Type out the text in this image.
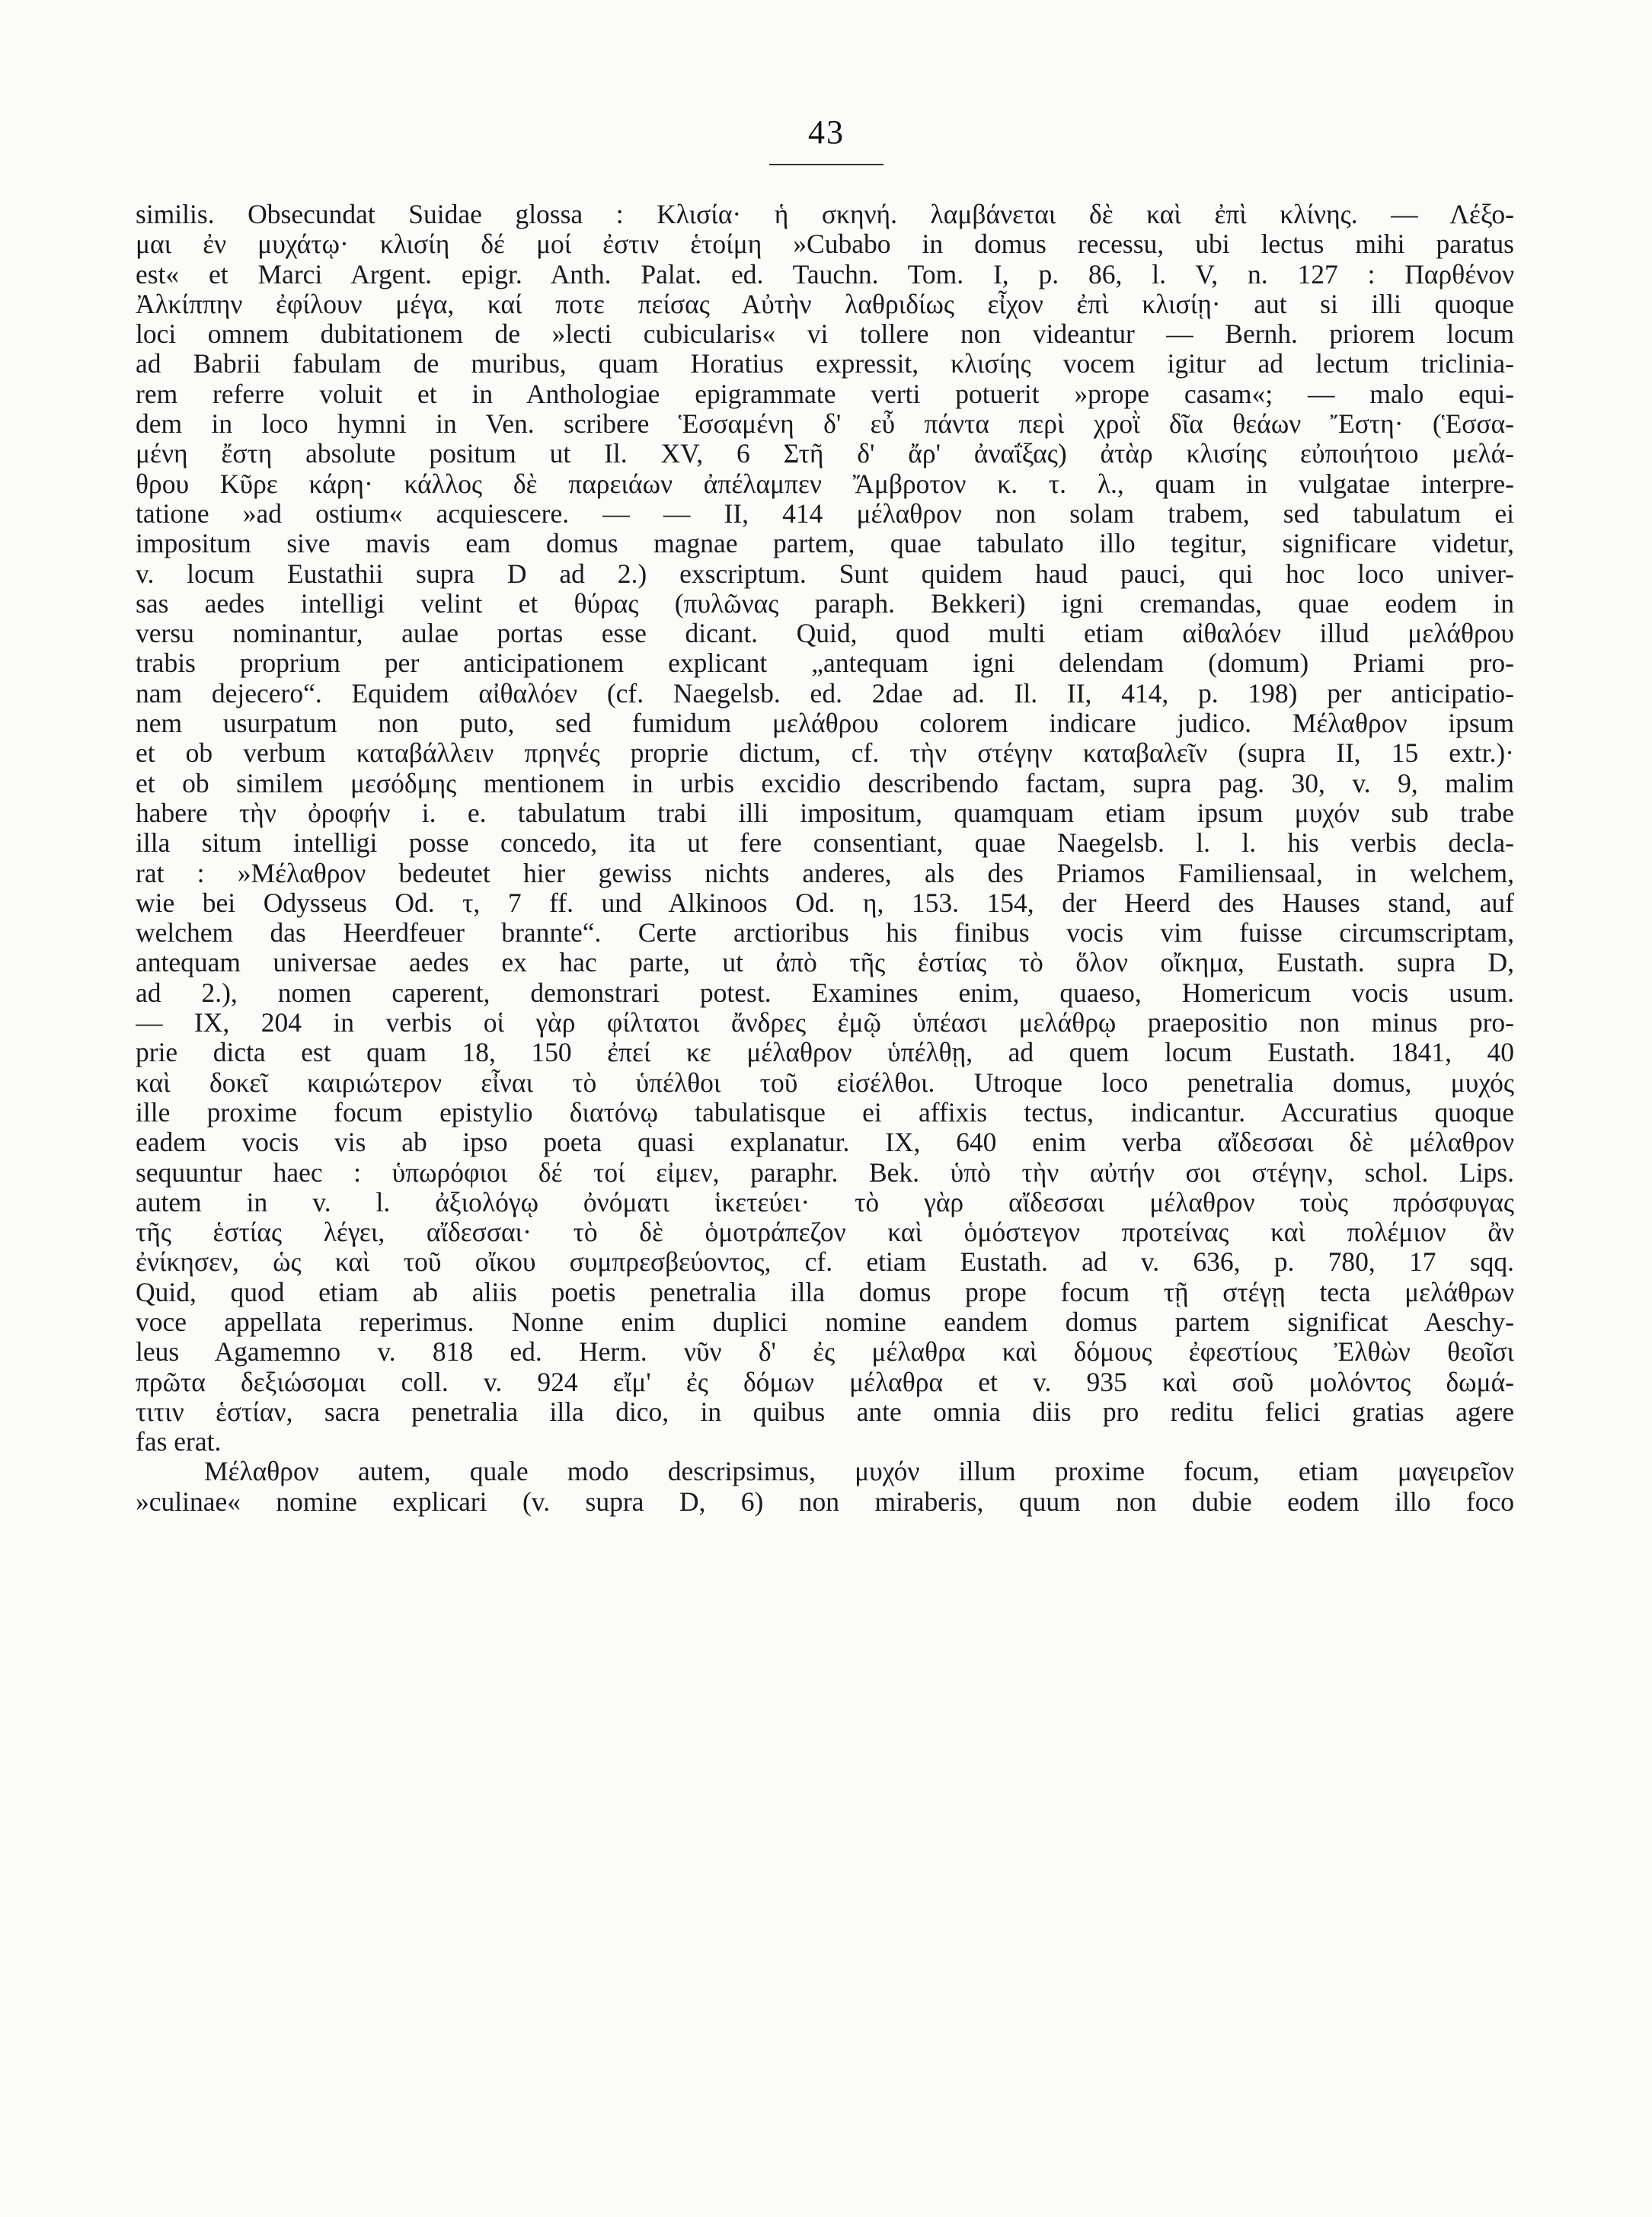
43
similis. Obsecundat Suidae glossa : Κλισία· ἡ σκηνή. λαμβάνεται δὲ καὶ ἐπὶ κλίνης. — Λέξο-
μαι ἐν μυχάτῳ· κλισίη δέ μοί ἐστιν ἑτοίμη »Cubabo in domus recessu, ubi lectus mihi paratus
est« et Marci Argent. epigr. Anth. Palat. ed. Tauchn. Tom. I, p. 86, l. V, n. 127 : Παρθένον
Ἀλκίππην ἐφίλουν μέγα, καί ποτε πείσας Αὐτὴν λαθριδίως εἶχον ἐπὶ κλισίῃ· aut si illi quoque
loci omnem dubitationem de »lecti cubicularis« vi tollere non videantur — Bernh. priorem locum
ad Babrii fabulam de muribus, quam Horatius expressit, κλισίης vocem igitur ad lectum triclinia-
rem referre voluit et in Anthologiae epigrammate verti potuerit »prope casam«; — malo equi-
dem in loco hymni in Ven. scribere Ἑσσαμένη δ' εὖ πάντα περὶ χροῒ δῖα θεάων Ἔστη· (Ἑσσα-
μένη ἔστη absolute positum ut Il. XV, 6 Στῆ δ' ἄρ' ἀναΐξας) ἀτὰρ κλισίης εὐποιήτοιο μελά-
θρου Κῦρε κάρη· κάλλος δὲ παρειάων ἀπέλαμπεν Ἄμβροτον κ. τ. λ., quam in vulgatae interpre-
tatione »ad ostium« acquiescere. — — II, 414 μέλαθρον non solam trabem, sed tabulatum ei
impositum sive mavis eam domus magnae partem, quae tabulato illo tegitur, significare videtur,
v. locum Eustathii supra D ad 2.) exscriptum. Sunt quidem haud pauci, qui hoc loco univer-
sas aedes intelligi velint et θύρας (πυλῶνας paraph. Bekkeri) igni cremandas, quae eodem in
versu nominantur, aulae portas esse dicant. Quid, quod multi etiam αἰθαλόεν illud μελάθρου
trabis proprium per anticipationem explicant „antequam igni delendam (domum) Priami pro-
nam dejecero“. Equidem αἰθαλόεν (cf. Naegelsb. ed. 2dae ad. Il. II, 414, p. 198) per anticipatio-
nem usurpatum non puto, sed fumidum μελάθρου colorem indicare judico. Μέλαθρον ipsum
et ob verbum καταβάλλειν πρηνές proprie dictum, cf. τὴν στέγην καταβαλεῖν (supra II, 15 extr.)·
et ob similem μεσόδμης mentionem in urbis excidio describendo factam, supra pag. 30, v. 9, malim
habere τὴν ὀροφήν i. e. tabulatum trabi illi impositum, quamquam etiam ipsum μυχόν sub trabe
illa situm intelligi posse concedo, ita ut fere consentiant, quae Naegelsb. l. l. his verbis decla-
rat : »Μέλαθρον bedeutet hier gewiss nichts anderes, als des Priamos Familiensaal, in welchem,
wie bei Odysseus Od. τ, 7 ff. und Alkinoos Od. η, 153. 154, der Heerd des Hauses stand, auf
welchem das Heerdfeuer brannte“. Certe arctioribus his finibus vocis vim fuisse circumscriptam,
antequam universae aedes ex hac parte, ut ἀπὸ τῆς ἑστίας τὸ ὅλον οἴκημα, Eustath. supra D,
ad 2.), nomen caperent, demonstrari potest. Examines enim, quaeso, Homericum vocis usum.
— IX, 204 in verbis οἱ γὰρ φίλτατοι ἄνδρες ἐμῷ ὑπέασι μελάθρῳ praepositio non minus pro-
prie dicta est quam 18, 150 ἐπεί κε μέλαθρον ὑπέλθῃ, ad quem locum Eustath. 1841, 40
καὶ δοκεῖ καιριώτερον εἶναι τὸ ὑπέλθοι τοῦ εἰσέλθοι. Utroque loco penetralia domus, μυχός
ille proxime focum epistylio διατόνῳ tabulatisque ei affixis tectus, indicantur. Accuratius quoque
eadem vocis vis ab ipso poeta quasi explanatur. IX, 640 enim verba αἴδεσσαι δὲ μέλαθρον
sequuntur haec : ὑπωρόφιοι δέ τοί εἰμεν, paraphr. Bek. ὑπὸ τὴν αὐτήν σοι στέγην, schol. Lips.
autem in v. l. ἀξιολόγῳ ὀνόματι ἱκετεύει· τὸ γὰρ αἴδεσσαι μέλαθρον τοὺς πρόσφυγας
τῆς ἑστίας λέγει, αἴδεσσαι· τὸ δὲ ὁμοτράπεζον καὶ ὁμόστεγον προτείνας καὶ πολέμιον ἂν
ἐνίκησεν, ὡς καὶ τοῦ οἴκου συμπρεσβεύοντος, cf. etiam Eustath. ad v. 636, p. 780, 17 sqq.
Quid, quod etiam ab aliis poetis penetralia illa domus prope focum τῇ στέγῃ tecta μελάθρων
voce appellata reperimus. Nonne enim duplici nomine eandem domus partem significat Aeschy-
leus Agamemno v. 818 ed. Herm. νῦν δ' ἐς μέλαθρα καὶ δόμους ἐφεστίους Ἐλθὼν θεοῖσι
πρῶτα δεξιώσομαι coll. v. 924 εἴμ' ἐς δόμων μέλαθρα et v. 935 καὶ σοῦ μολόντος δωμά-
τιτιν ἑστίαν, sacra penetralia illa dico, in quibus ante omnia diis pro reditu felici gratias agere
fas erat.
Μέλαθρον autem, quale modo descripsimus, μυχόν illum proxime focum, etiam μαγειρεῖον
»culinae« nomine explicari (v. supra D, 6) non miraberis, quum non dubie eodem illo foco
